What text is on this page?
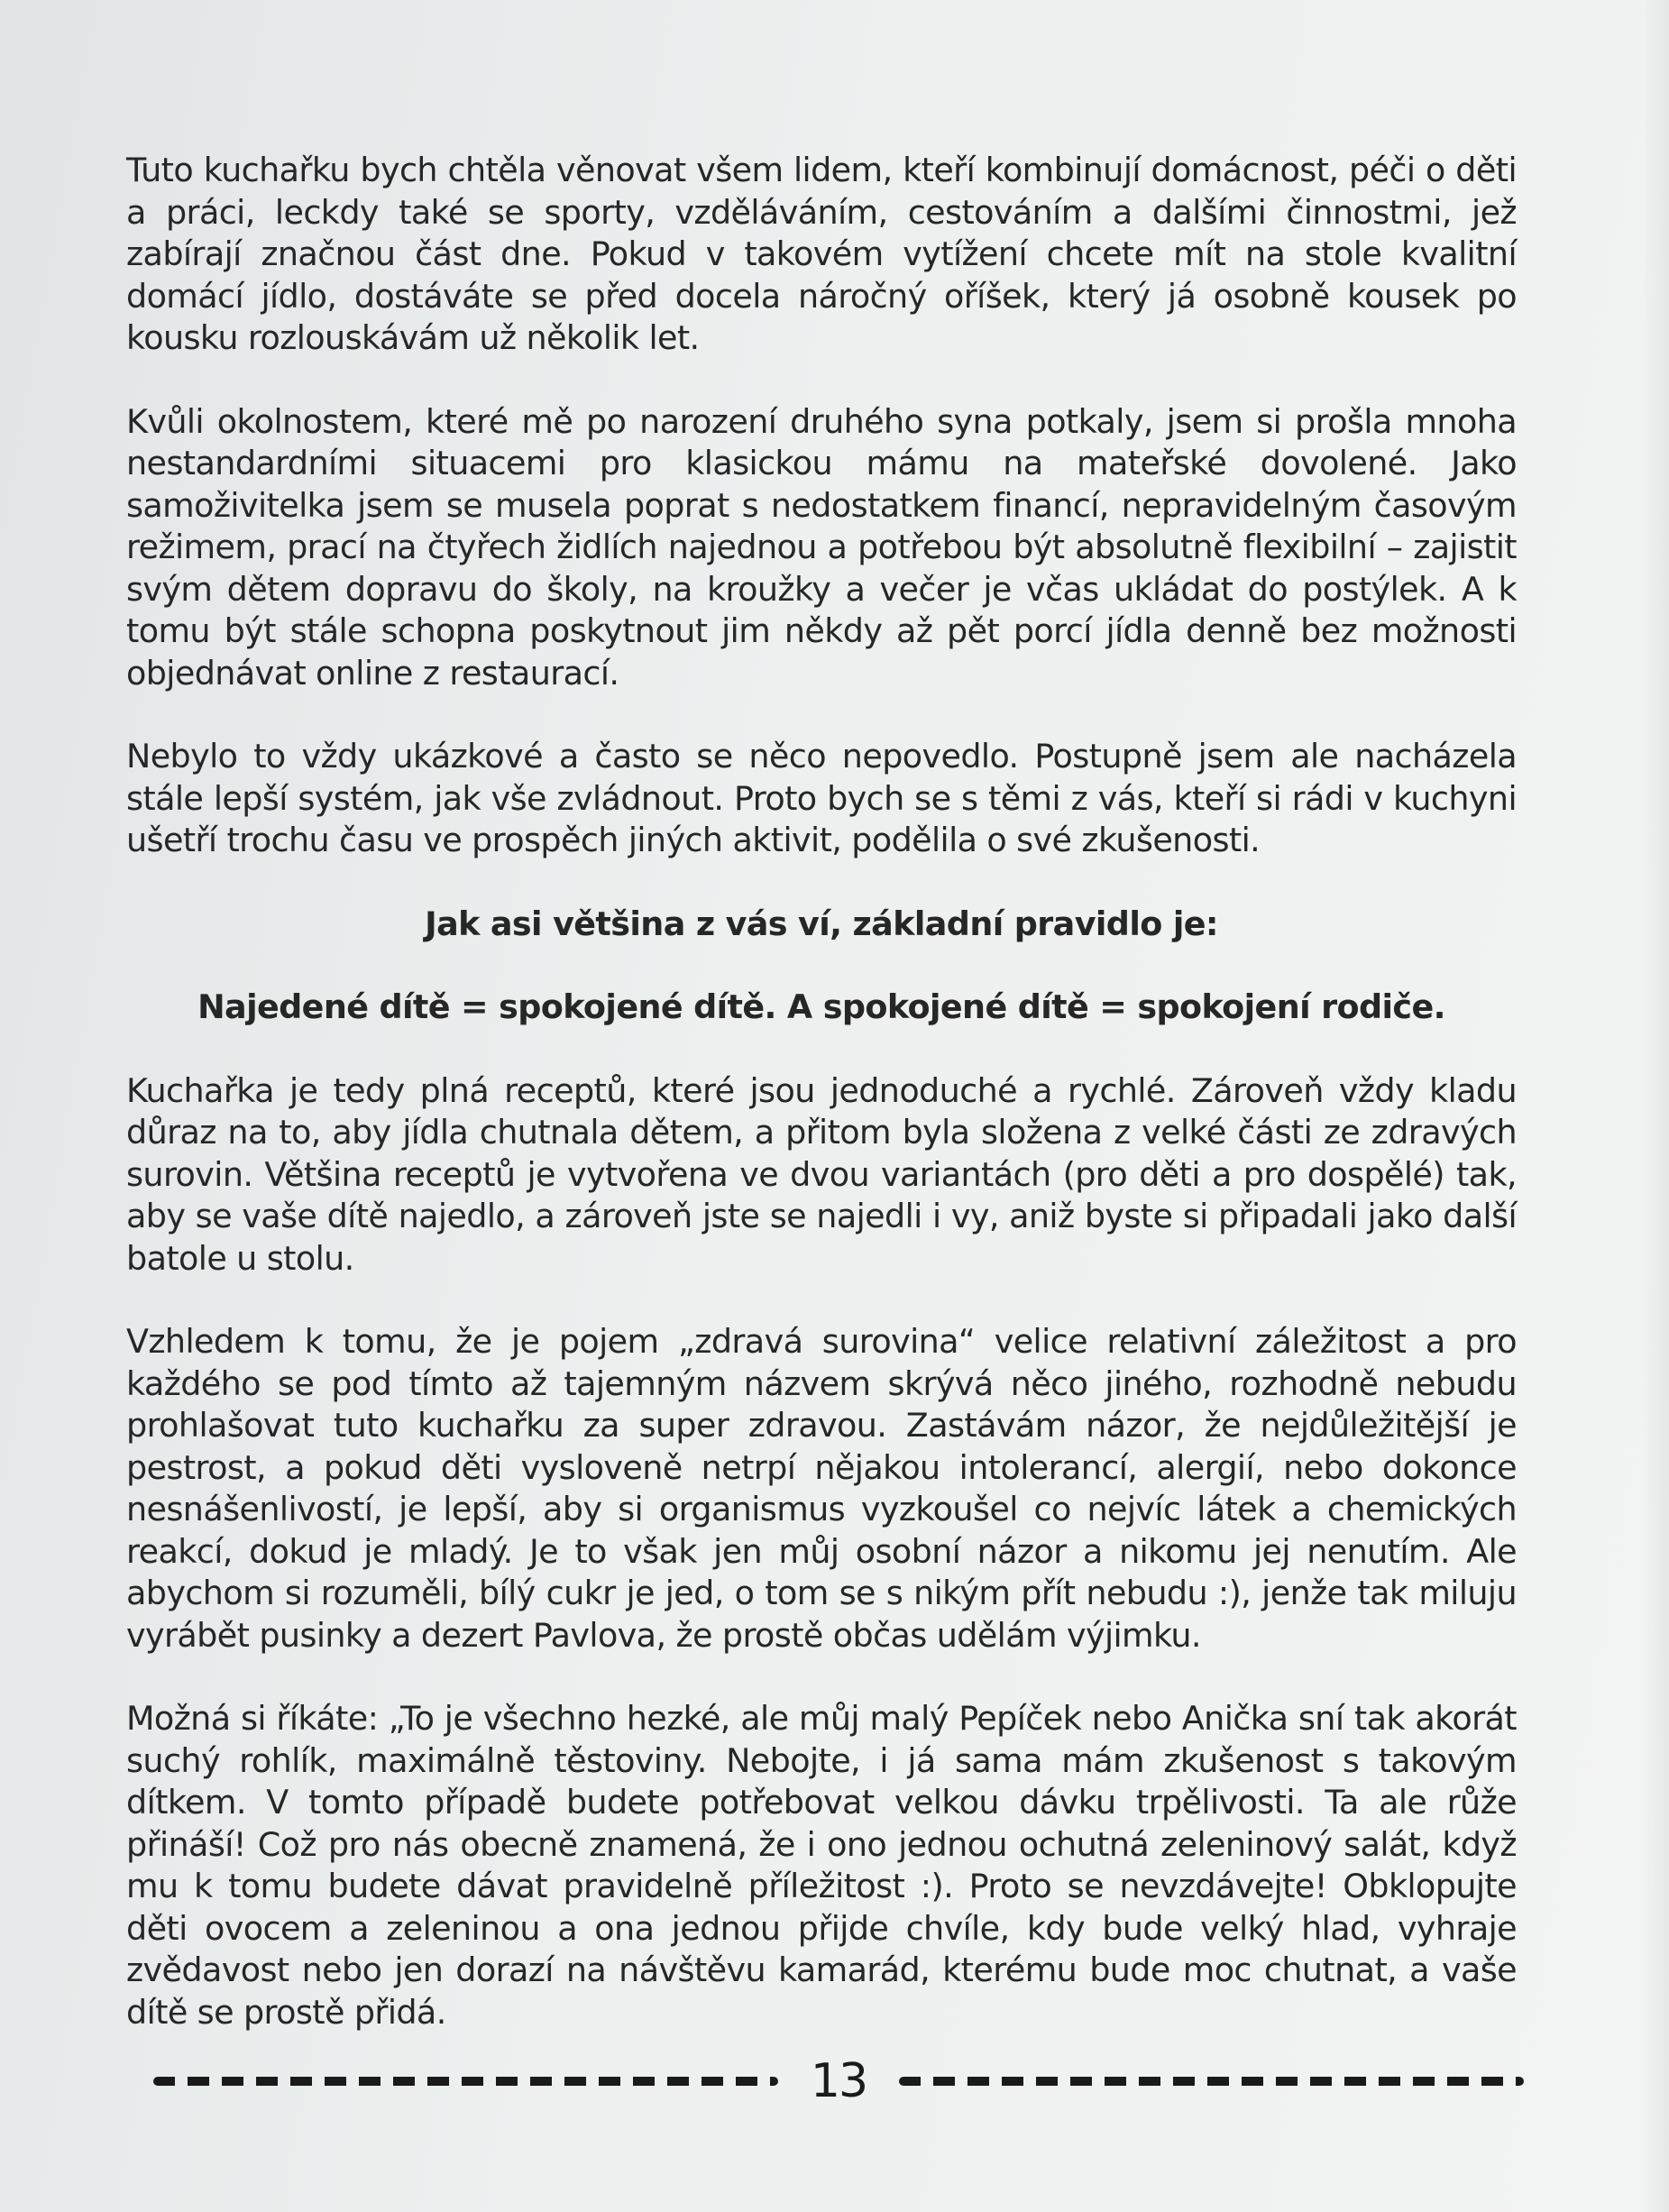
Tuto kuchařku bych chtěla věnovat všem lidem, kteří kombinují domácnost, péči o děti a práci, leckdy také se sporty, vzděláváním, cestováním a dalšími činnostmi, jež zabírají značnou část dne. Pokud v takovém vytížení chcete mít na stole kvalitní domácí jídlo, dostáváte se před docela náročný oříšek, který já osobně kousek po kousku rozlouskávám už několik let.

Kvůli okolnostem, které mě po narození druhého syna potkaly, jsem si prošla mnoha nestandardními situacemi pro klasickou mámu na mateřské dovolené. Jako samoživitelka jsem se musela poprat s nedostatkem financí, nepravidelným časovým režimem, prací na čtyřech židlích najednou a potřebou být absolutně flexibilní – zajistit svým dětem dopravu do školy, na kroužky a večer je včas ukládat do postýlek. A k tomu být stále schopna poskytnout jim někdy až pět porcí jídla denně bez možnosti objednávat online z restaurací.

Nebylo to vždy ukázkové a často se něco nepovedlo. Postupně jsem ale nacházela stále lepší systém, jak vše zvládnout. Proto bych se s těmi z vás, kteří si rádi v kuchyni ušetří trochu času ve prospěch jiných aktivit, podělila o své zkušenosti.

Jak asi většina z vás ví, základní pravidlo je:

Najedené dítě = spokojené dítě. A spokojené dítě = spokojení rodiče.

Kuchařka je tedy plná receptů, které jsou jednoduché a rychlé. Zároveň vždy kladu důraz na to, aby jídla chutnala dětem, a přitom byla složena z velké části ze zdravých surovin. Většina receptů je vytvořena ve dvou variantách (pro děti a pro dospělé) tak, aby se vaše dítě najedlo, a zároveň jste se najedli i vy, aniž byste si připadali jako další batole u stolu.

Vzhledem k tomu, že je pojem „zdravá surovina“ velice relativní záležitost a pro každého se pod tímto až tajemným názvem skrývá něco jiného, rozhodně nebudu prohlašovat tuto kuchařku za super zdravou. Zastávám názor, že nejdůležitější je pestrost, a pokud děti vysloveně netrpí nějakou intolerancí, alergií, nebo dokonce nesnášenlivostí, je lepší, aby si organismus vyzkoušel co nejvíc látek a chemických reakcí, dokud je mladý. Je to však jen můj osobní názor a nikomu jej nenutím. Ale abychom si rozuměli, bílý cukr je jed, o tom se s nikým přít nebudu :), jenže tak miluju vyrábět pusinky a dezert Pavlova, že prostě občas udělám výjimku.

Možná si říkáte: „To je všechno hezké, ale můj malý Pepíček nebo Anička sní tak akorát suchý rohlík, maximálně těstoviny. Nebojte, i já sama mám zkušenost s takovým dítkem. V tomto případě budete potřebovat velkou dávku trpělivosti. Ta ale růže přináší! Což pro nás obecně znamená, že i ono jednou ochutná zeleninový salát, když mu k tomu budete dávat pravidelně příležitost :). Proto se nevzdávejte! Obklopujte děti ovocem a zeleninou a ona jednou přijde chvíle, kdy bude velký hlad, vyhraje zvědavost nebo jen dorazí na návštěvu kamarád, kterému bude moc chutnat, a vaše dítě se prostě přidá.

13
